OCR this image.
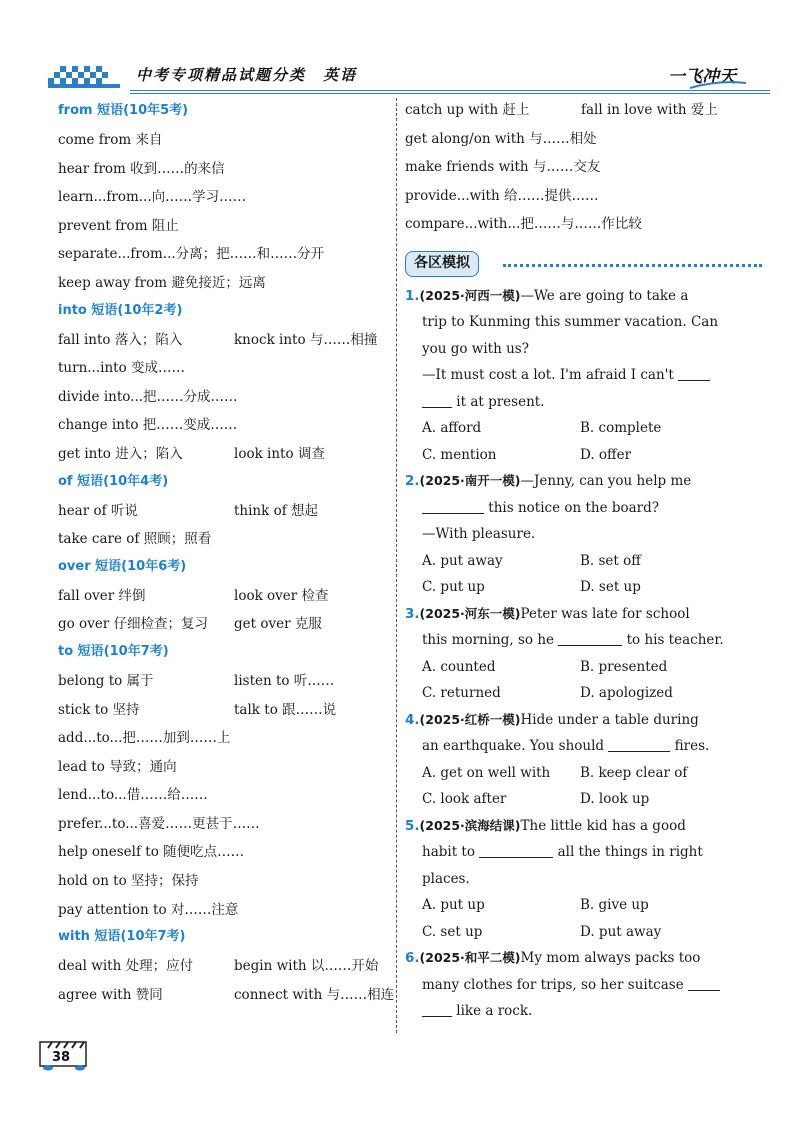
中考专项精品试题分类　英语	一飞冲天
from 短语(10年5考)
come from 来自
hear from 收到……的来信
learn...from...向……学习……
prevent from 阻止
separate...from...分离；把……和……分开
keep away from 避免接近；远离
into 短语(10年2考)
fall into 落入；陷入	knock into 与……相撞
turn...into 变成……
divide into...把……分成……
change into 把……变成……
get into 进入；陷入	look into 调查
of 短语(10年4考)
hear of 听说	think of 想起
take care of 照顾；照看
over 短语(10年6考)
fall over 绊倒	look over 检查
go over 仔细检查；复习 get over 克服
to 短语(10年7考)
belong to 属于	listen to 听……
stick to 坚持	talk to 跟……说
add...to...把……加到……上
lead to 导致；通向
lend...to...借……给……
prefer...to...喜爱……更甚于……
help oneself to 随便吃点……
hold on to 坚持；保持
pay attention to 对……注意
with 短语(10年7考)
deal with 处理；应付	begin with 以……开始
agree with 赞同	connect with 与……相连
catch up with 赶上	fall in love with 爱上
get along/on with 与……相处
make friends with 与……交友
provide...with 给……提供……
compare...with...把……与……作比较
各区模拟
1.(2025·河西一模)—We are going to take a
trip to Kunming this summer vacation. Can
you go with us?
—It must cost a lot. I'm afraid I can't
it at present.
A. afford	B. complete
C. mention	D. offer
2.(2025·南开一模)—Jenny, can you help me
this notice on the board?
—With pleasure.
A. put away	B. set off
C. put up	D. set up
3.(2025·河东一模)Peter was late for school
this morning, so he	to his teacher.
A. counted	B. presented
C. returned	D. apologized
4.(2025·红桥一模)Hide under a table during
an earthquake. You should	fires.
A. get on well with B. keep clear of
C. look after	D. look up
5.(2025·滨海结课)The little kid has a good
habit to	all the things in right
places.
A. put up	B. give up
C. set up	D. put away
6.(2025·和平二模)My mom always packs too
many clothes for trips, so her suitcase
like a rock.
38
